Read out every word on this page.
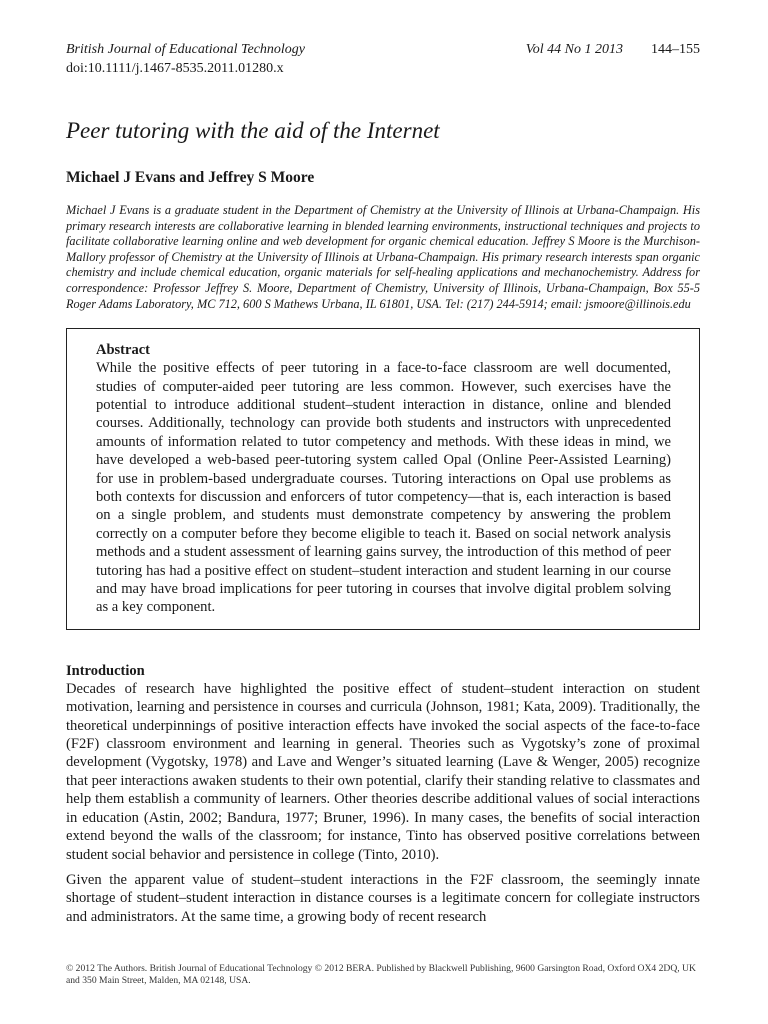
British Journal of Educational Technology	Vol 44 No 1 2013 144–155
doi:10.1111/j.1467-8535.2011.01280.x
Peer tutoring with the aid of the Internet
Michael J Evans and Jeffrey S Moore
Michael J Evans is a graduate student in the Department of Chemistry at the University of Illinois at Urbana-Champaign. His primary research interests are collaborative learning in blended learning environments, instructional techniques and projects to facilitate collaborative learning online and web development for organic chemical education. Jeffrey S Moore is the Murchison-Mallory professor of Chemistry at the University of Illinois at Urbana-Champaign. His primary research interests span organic chemistry and include chemical education, organic materials for self-healing applications and mechanochemistry. Address for correspondence: Professor Jeffrey S. Moore, Department of Chemistry, University of Illinois, Urbana-Champaign, Box 55-5 Roger Adams Laboratory, MC 712, 600 S Mathews Urbana, IL 61801, USA. Tel: (217) 244-5914; email: jsmoore@illinois.edu
Abstract

While the positive effects of peer tutoring in a face-to-face classroom are well documented, studies of computer-aided peer tutoring are less common. However, such exercises have the potential to introduce additional student–student interaction in distance, online and blended courses. Additionally, technology can provide both students and instructors with unprecedented amounts of information related to tutor competency and methods. With these ideas in mind, we have developed a web-based peer-tutoring system called Opal (Online Peer-Assisted Learning) for use in problem-based undergraduate courses. Tutoring interactions on Opal use problems as both contexts for discussion and enforcers of tutor competency—that is, each interaction is based on a single problem, and students must demonstrate competency by answering the problem correctly on a computer before they become eligible to teach it. Based on social network analysis methods and a student assessment of learning gains survey, the introduction of this method of peer tutoring has had a positive effect on student–student interaction and student learning in our course and may have broad implications for peer tutoring in courses that involve digital problem solving as a key component.

Introduction

Decades of research have highlighted the positive effect of student–student interaction on student motivation, learning and persistence in courses and curricula (Johnson, 1981; Kata, 2009). Traditionally, the theoretical underpinnings of positive interaction effects have invoked the social aspects of the face-to-face (F2F) classroom environment and learning in general. Theories such as Vygotsky’s zone of proximal development (Vygotsky, 1978) and Lave and Wenger’s situated learning (Lave & Wenger, 2005) recognize that peer interactions awaken students to their own potential, clarify their standing relative to classmates and help them establish a community of learners. Other theories describe additional values of social interactions in education (Astin, 2002; Bandura, 1977; Bruner, 1996). In many cases, the benefits of social interaction extend beyond the walls of the classroom; for instance, Tinto has observed positive correlations between student social behavior and persistence in college (Tinto, 2010).

Given the apparent value of student–student interactions in the F2F classroom, the seemingly innate shortage of student–student interaction in distance courses is a legitimate concern for collegiate instructors and administrators. At the same time, a growing body of recent research

© 2012 The Authors. British Journal of Educational Technology © 2012 BERA. Published by Blackwell Publishing, 9600 Garsington Road, Oxford OX4 2DQ, UK and 350 Main Street, Malden, MA 02148, USA.
